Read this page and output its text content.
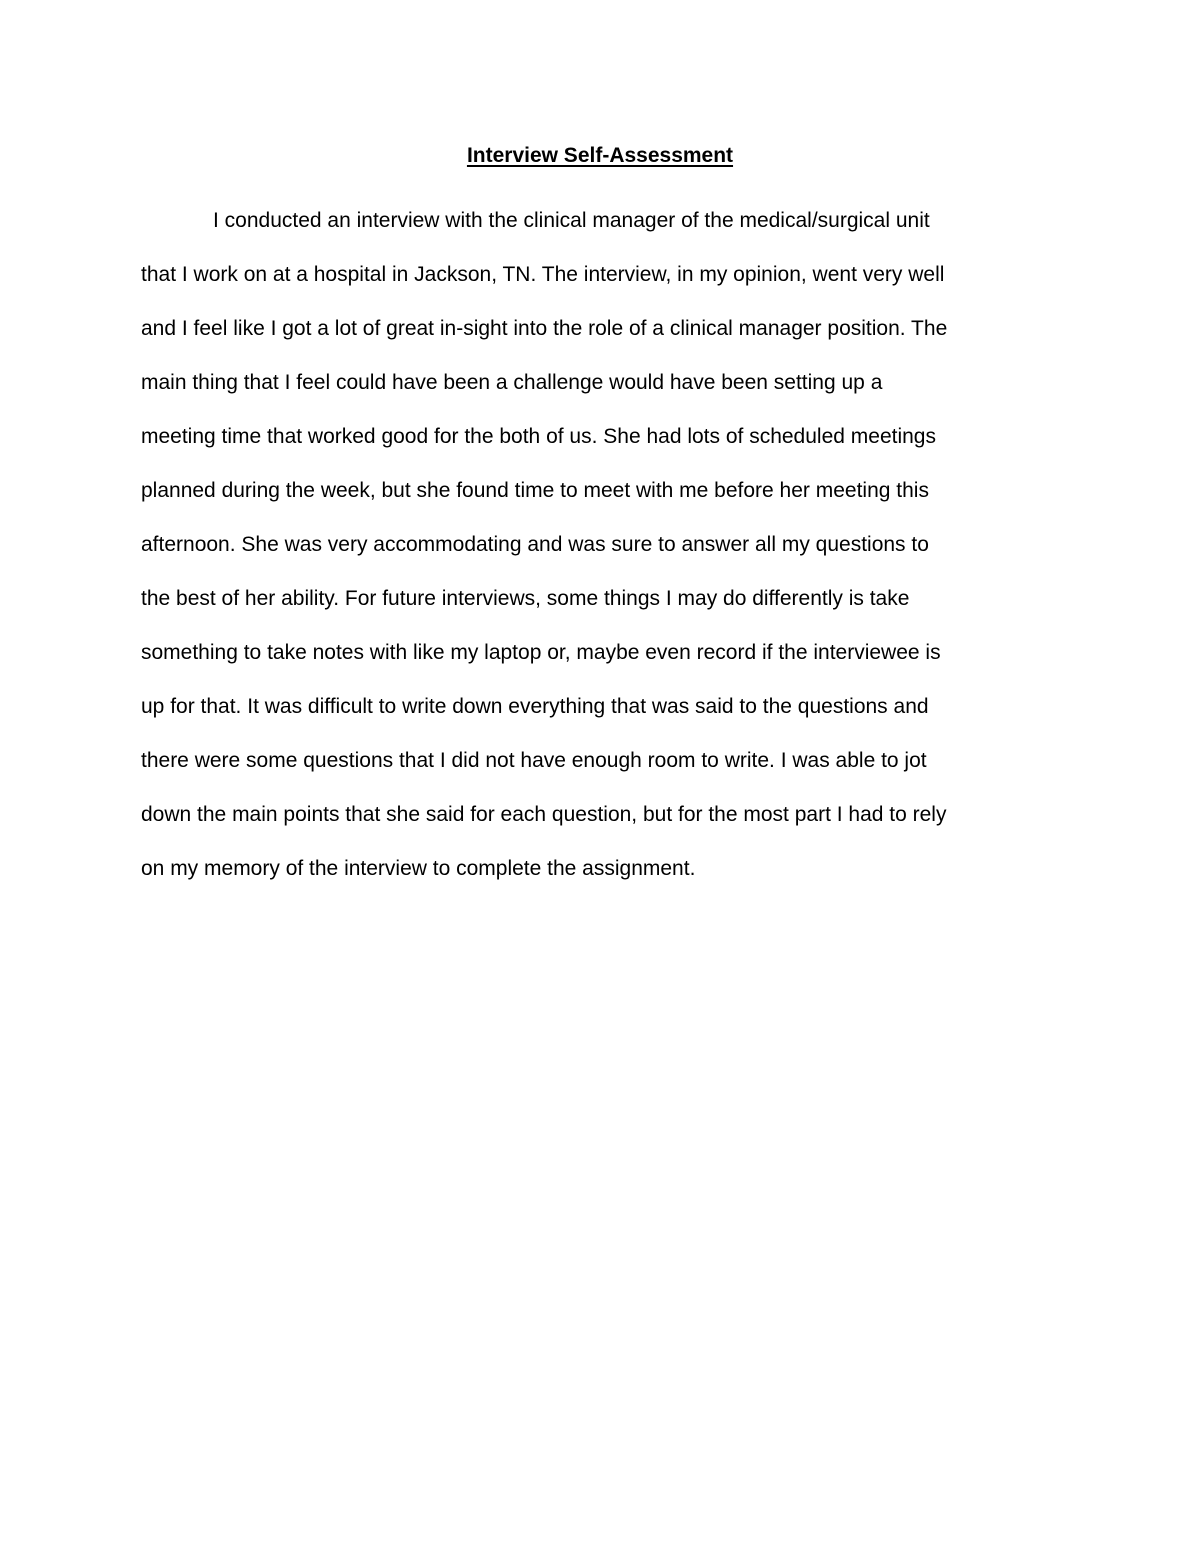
Interview Self-Assessment
I conducted an interview with the clinical manager of the medical/surgical unit
that I work on at a hospital in Jackson, TN. The interview, in my opinion, went very well
and I feel like I got a lot of great in-sight into the role of a clinical manager position. The
main thing that I feel could have been a challenge would have been setting up a
meeting time that worked good for the both of us. She had lots of scheduled meetings
planned during the week, but she found time to meet with me before her meeting this
afternoon. She was very accommodating and was sure to answer all my questions to
the best of her ability. For future interviews, some things I may do differently is take
something to take notes with like my laptop or, maybe even record if the interviewee is
up for that. It was difficult to write down everything that was said to the questions and
there were some questions that I did not have enough room to write. I was able to jot
down the main points that she said for each question, but for the most part I had to rely
on my memory of the interview to complete the assignment.
